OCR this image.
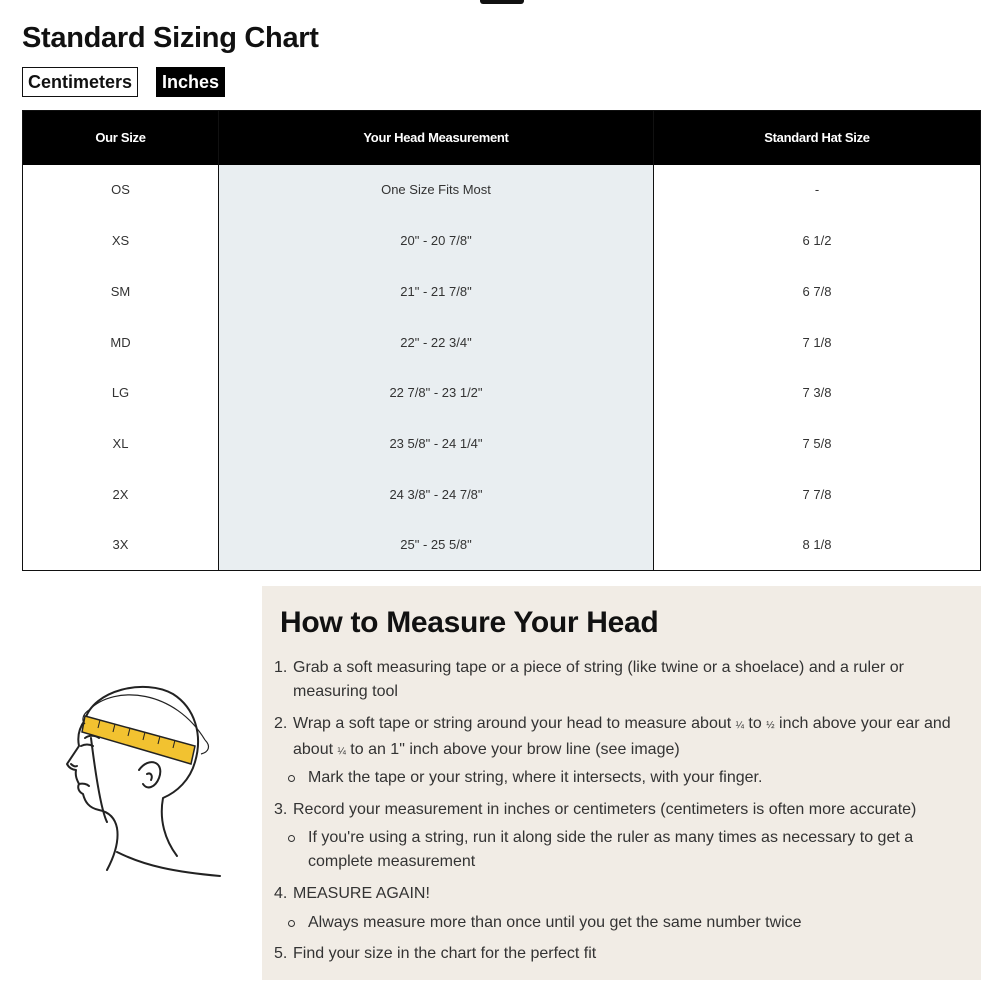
Standard Sizing Chart
Centimeters	Inches
Our Size	Your Head Measurement	Standard Hat Size
OS	One Size Fits Most	-
XS	20" - 20 7/8"	6 1/2
SM	21" - 21 7/8"	6 7/8
MD	22" - 22 3/4"	7 1/8
LG	22 7/8" - 23 1/2"	7 3/8
XL	23 5/8" - 24 1/4"	7 5/8
2X	24 3/8" - 24 7/8"	7 7/8
3X	25" - 25 5/8"	8 1/8
How to Measure Your Head
1. Grab a soft measuring tape or a piece of string (like twine or a shoelace) and a ruler or measuring tool
2. Wrap a soft tape or string around your head to measure about ¼ to ½ inch above your ear and about ¼ to an 1" inch above your brow line (see image)
Mark the tape or your string, where it intersects, with your finger.
3. Record your measurement in inches or centimeters (centimeters is often more accurate)
If you're using a string, run it along side the ruler as many times as necessary to get a complete measurement
4. MEASURE AGAIN!
Always measure more than once until you get the same number twice
5. Find your size in the chart for the perfect fit
